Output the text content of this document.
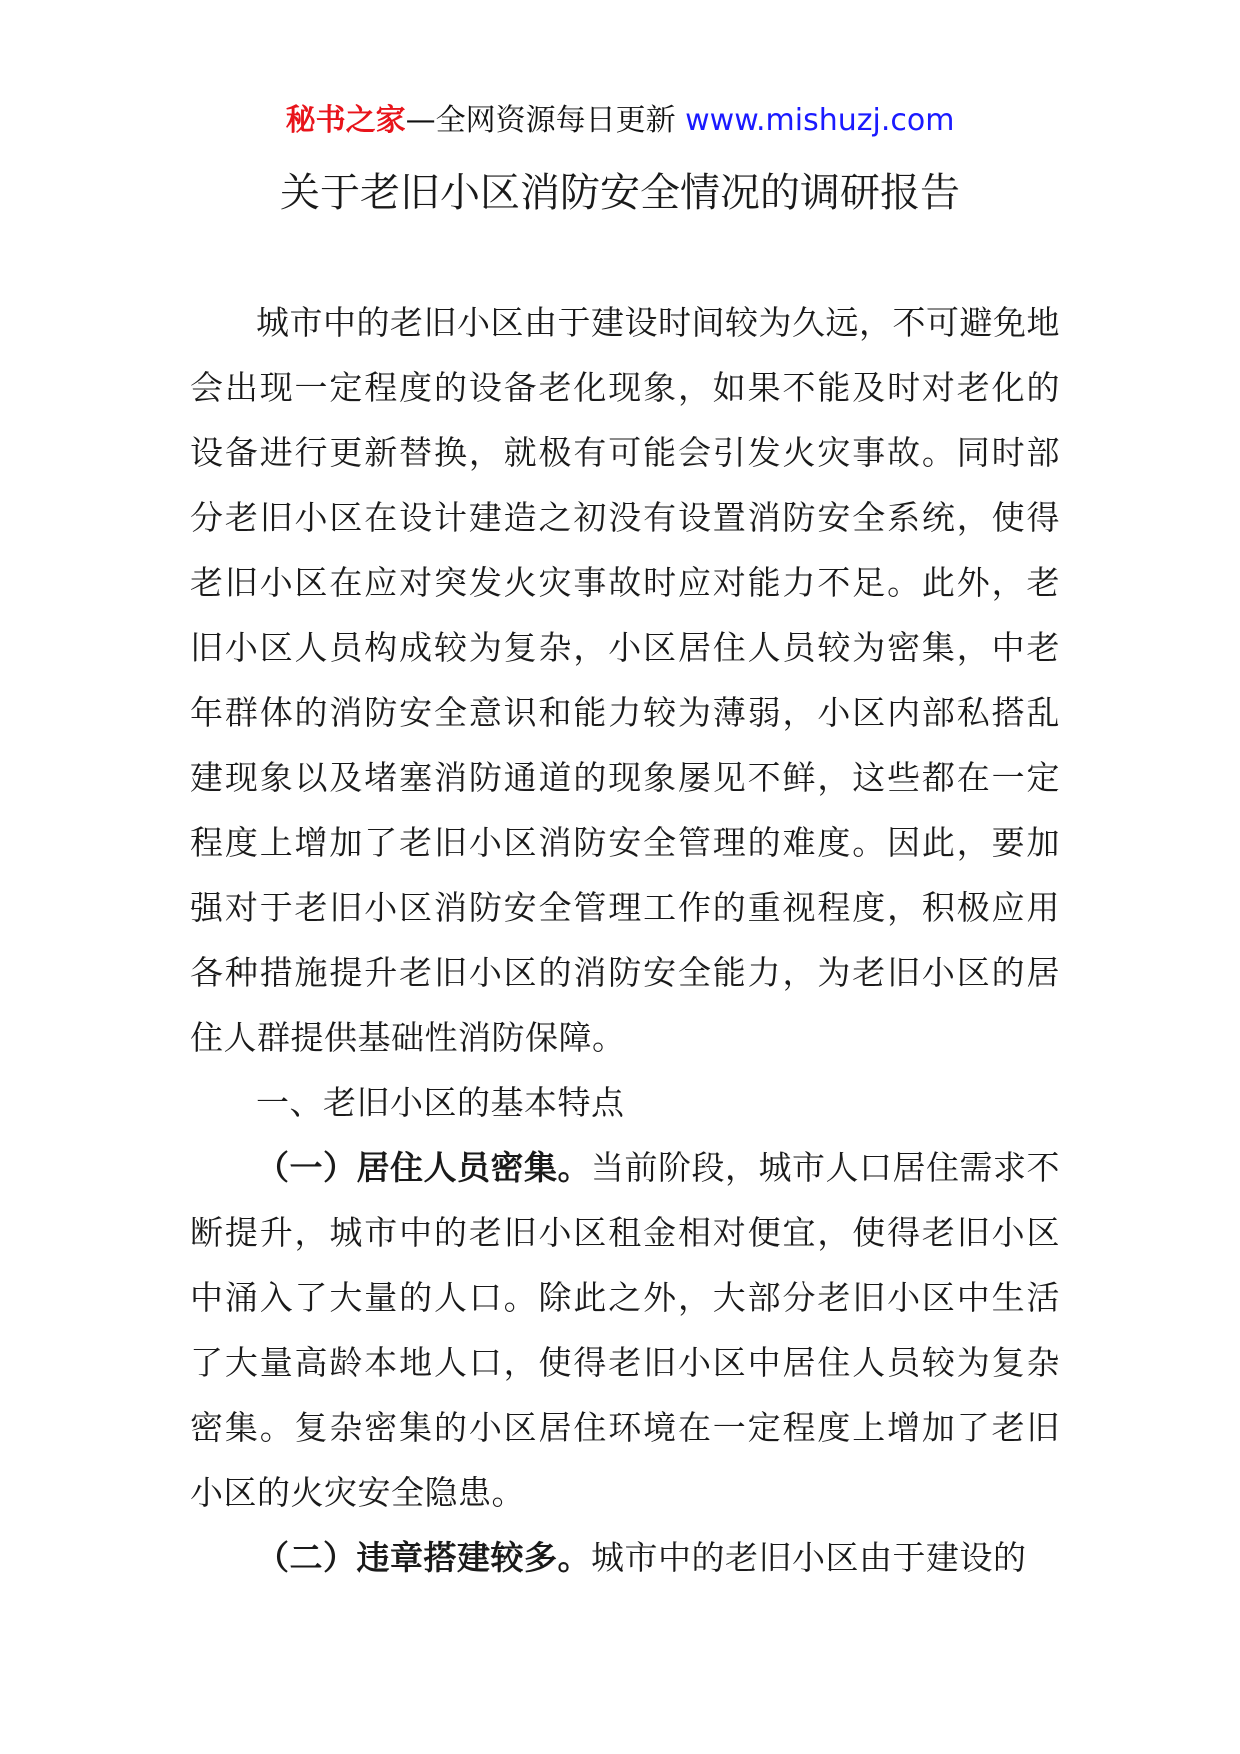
秘书之家—全网资源每日更新 www.mishuzj.com
关于老旧小区消防安全情况的调研报告

城市中的老旧小区由于建设时间较为久远，不可避免地会出现一定程度的设备老化现象，如果不能及时对老化的设备进行更新替换，就极有可能会引发火灾事故。同时部分老旧小区在设计建造之初没有设置消防安全系统，使得老旧小区在应对突发火灾事故时应对能力不足。此外，老旧小区人员构成较为复杂，小区居住人员较为密集，中老年群体的消防安全意识和能力较为薄弱，小区内部私搭乱建现象以及堵塞消防通道的现象屡见不鲜，这些都在一定程度上增加了老旧小区消防安全管理的难度。因此，要加强对于老旧小区消防安全管理工作的重视程度，积极应用各种措施提升老旧小区的消防安全能力，为老旧小区的居住人群提供基础性消防保障。

一、老旧小区的基本特点

（一）居住人员密集。当前阶段，城市人口居住需求不断提升，城市中的老旧小区租金相对便宜，使得老旧小区中涌入了大量的人口。除此之外，大部分老旧小区中生活了大量高龄本地人口，使得老旧小区中居住人员较为复杂密集。复杂密集的小区居住环境在一定程度上增加了老旧小区的火灾安全隐患。

（二）违章搭建较多。城市中的老旧小区由于建设的
